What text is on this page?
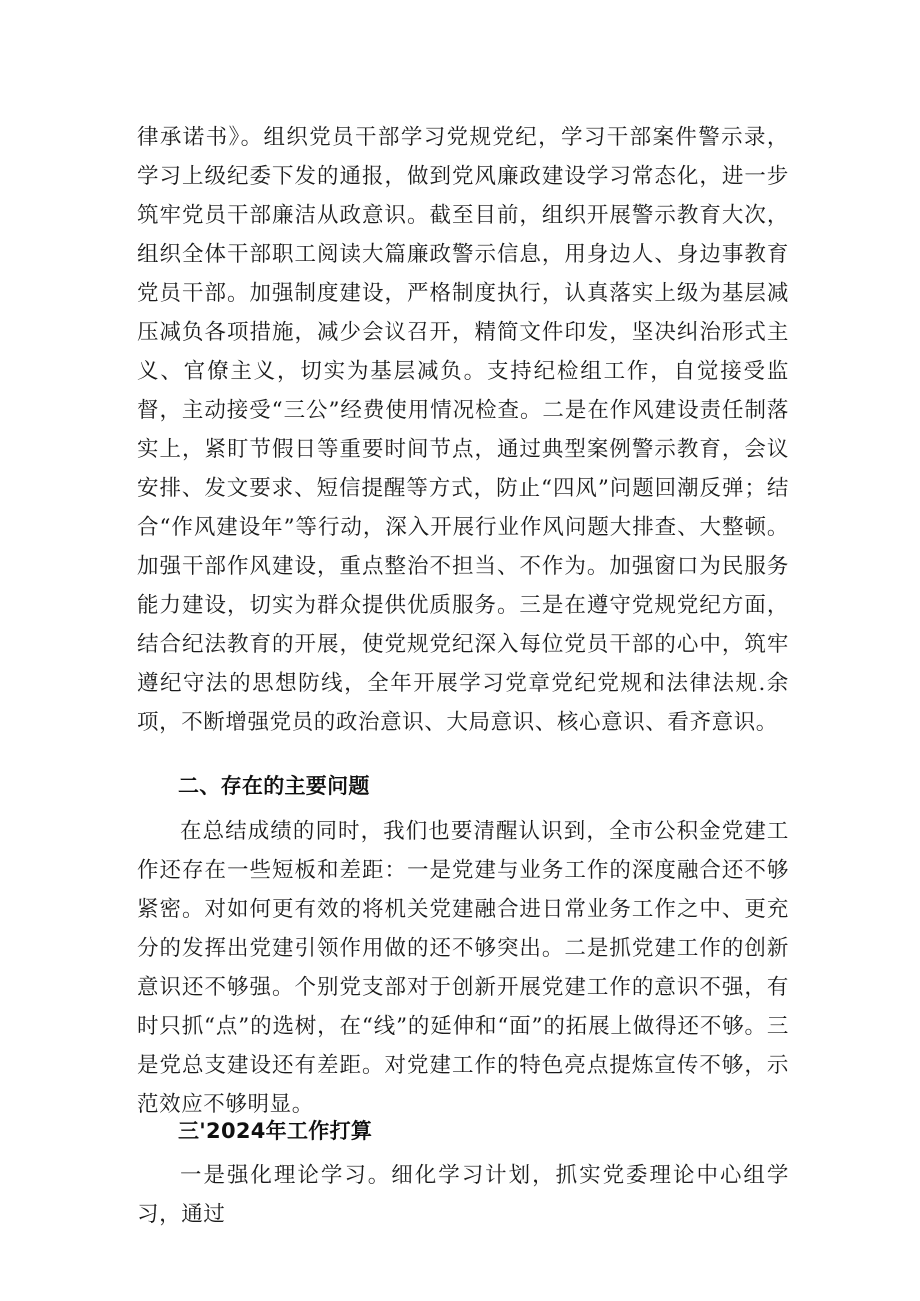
律承诺书》。组织党员干部学习党规党纪，学习干部案件警示录，学习上级纪委下发的通报，做到党风廉政建设学习常态化，进一步筑牢党员干部廉洁从政意识。截至目前，组织开展警示教育大次，组织全体干部职工阅读大篇廉政警示信息，用身边人、身边事教育党员干部。加强制度建设，严格制度执行，认真落实上级为基层减压减负各项措施，减少会议召开，精简文件印发，坚决纠治形式主义、官僚主义，切实为基层减负。支持纪检组工作，自觉接受监督，主动接受“三公”经费使用情况检查。二是在作风建设责任制落实上，紧盯节假日等重要时间节点，通过典型案例警示教育，会议安排、发文要求、短信提醒等方式，防止“四风”问题回潮反弹；结合“作风建设年”等行动，深入开展行业作风问题大排查、大整顿。加强干部作风建设，重点整治不担当、不作为。加强窗口为民服务能力建设，切实为群众提供优质服务。三是在遵守党规党纪方面，结合纪法教育的开展，使党规党纪深入每位党员干部的心中，筑牢遵纪守法的思想防线，全年开展学习党章党纪党规和法律法规.余项，不断增强党员的政治意识、大局意识、核心意识、看齐意识。

二、存在的主要问题

在总结成绩的同时，我们也要清醒认识到，全市公积金党建工作还存在一些短板和差距：一是党建与业务工作的深度融合还不够紧密。对如何更有效的将机关党建融合进日常业务工作之中、更充分的发挥出党建引领作用做的还不够突出。二是抓党建工作的创新意识还不够强。个别党支部对于创新开展党建工作的意识不强，有时只抓“点”的选树，在“线”的延伸和“面”的拓展上做得还不够。三是党总支建设还有差距。对党建工作的特色亮点提炼宣传不够，示范效应不够明显。

三'2024年工作打算

一是强化理论学习。细化学习计划，抓实党委理论中心组学习，通过
